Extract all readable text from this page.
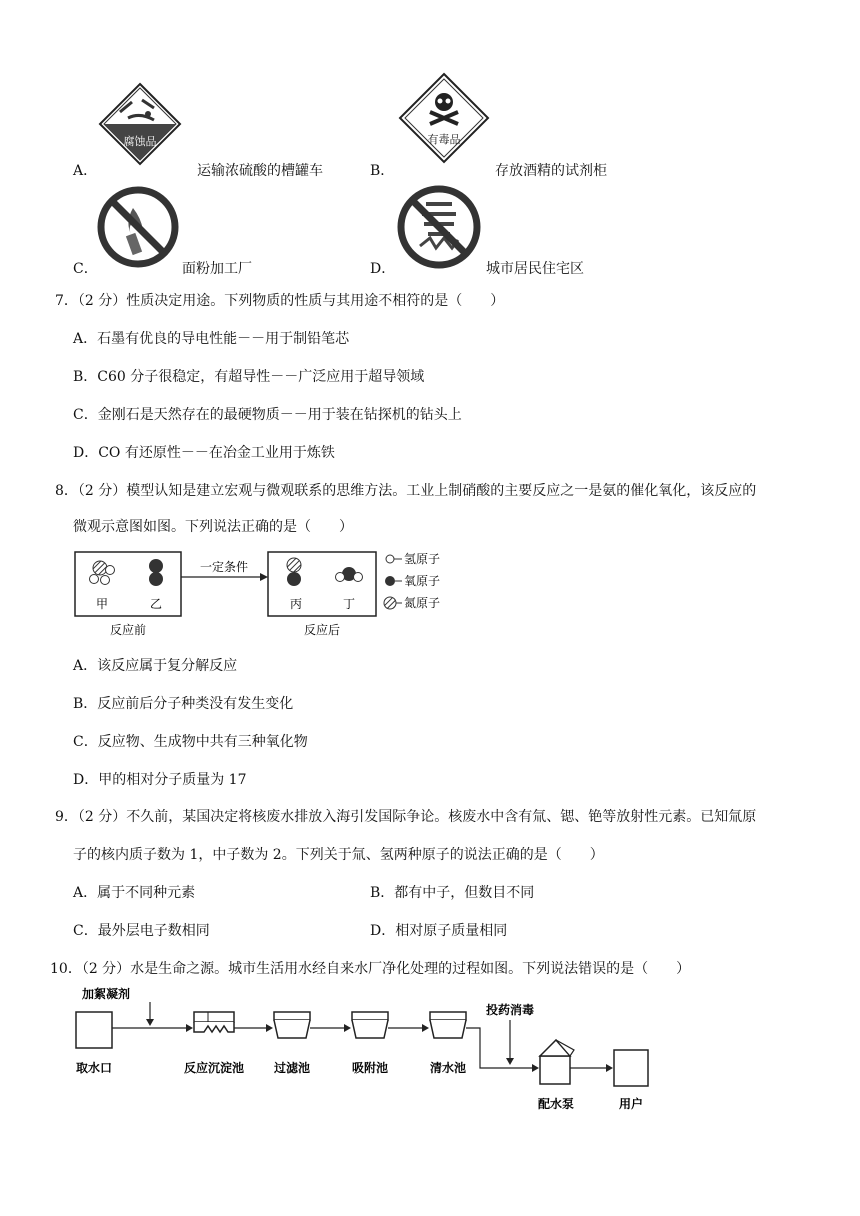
腐蚀品
A．	运输浓硫酸的槽罐车
有毒品
B．	存放酒精的试剂柜
C．	面粉加工厂	D．	城市居民住宅区
7．（2 分）性质决定用途。下列物质的性质与其用途不相符的是（　　）
A．石墨有优良的导电性能－－用于制铅笔芯
B．C60 分子很稳定，有超导性－－广泛应用于超导领域
C．金刚石是天然存在的最硬物质－－用于装在钻探机的钻头上
D．CO 有还原性－－在冶金工业用于炼铁
8．（2 分）模型认知是建立宏观与微观联系的思维方法。工业上制硝酸的主要反应之一是氨的催化氧化，该反应的
微观示意图如图。下列说法正确的是（　　）
甲	乙
反应前
一定条件
丙	丁
反应后
氢原子
氧原子
氮原子
A．该反应属于复分解反应
B．反应前后分子种类没有发生变化
C．反应物、生成物中共有三种氧化物
D．甲的相对分子质量为 17
9．（2 分）不久前，某国决定将核废水排放入海引发国际争论。核废水中含有氚、锶、铯等放射性元素。已知氚原
子的核内质子数为 1，中子数为 2。下列关于氚、氢两种原子的说法正确的是（　　）
A．属于不同种元素	B．都有中子，但数目不同
C．最外层电子数相同	D．相对原子质量相同
10．（2 分）水是生命之源。城市生活用水经自来水厂净化处理的过程如图。下列说法错误的是（　　）
加絮凝剂
取水口	反应沉淀池 过滤池	吸附池	清水池
投药消毒
配水泵	用户
